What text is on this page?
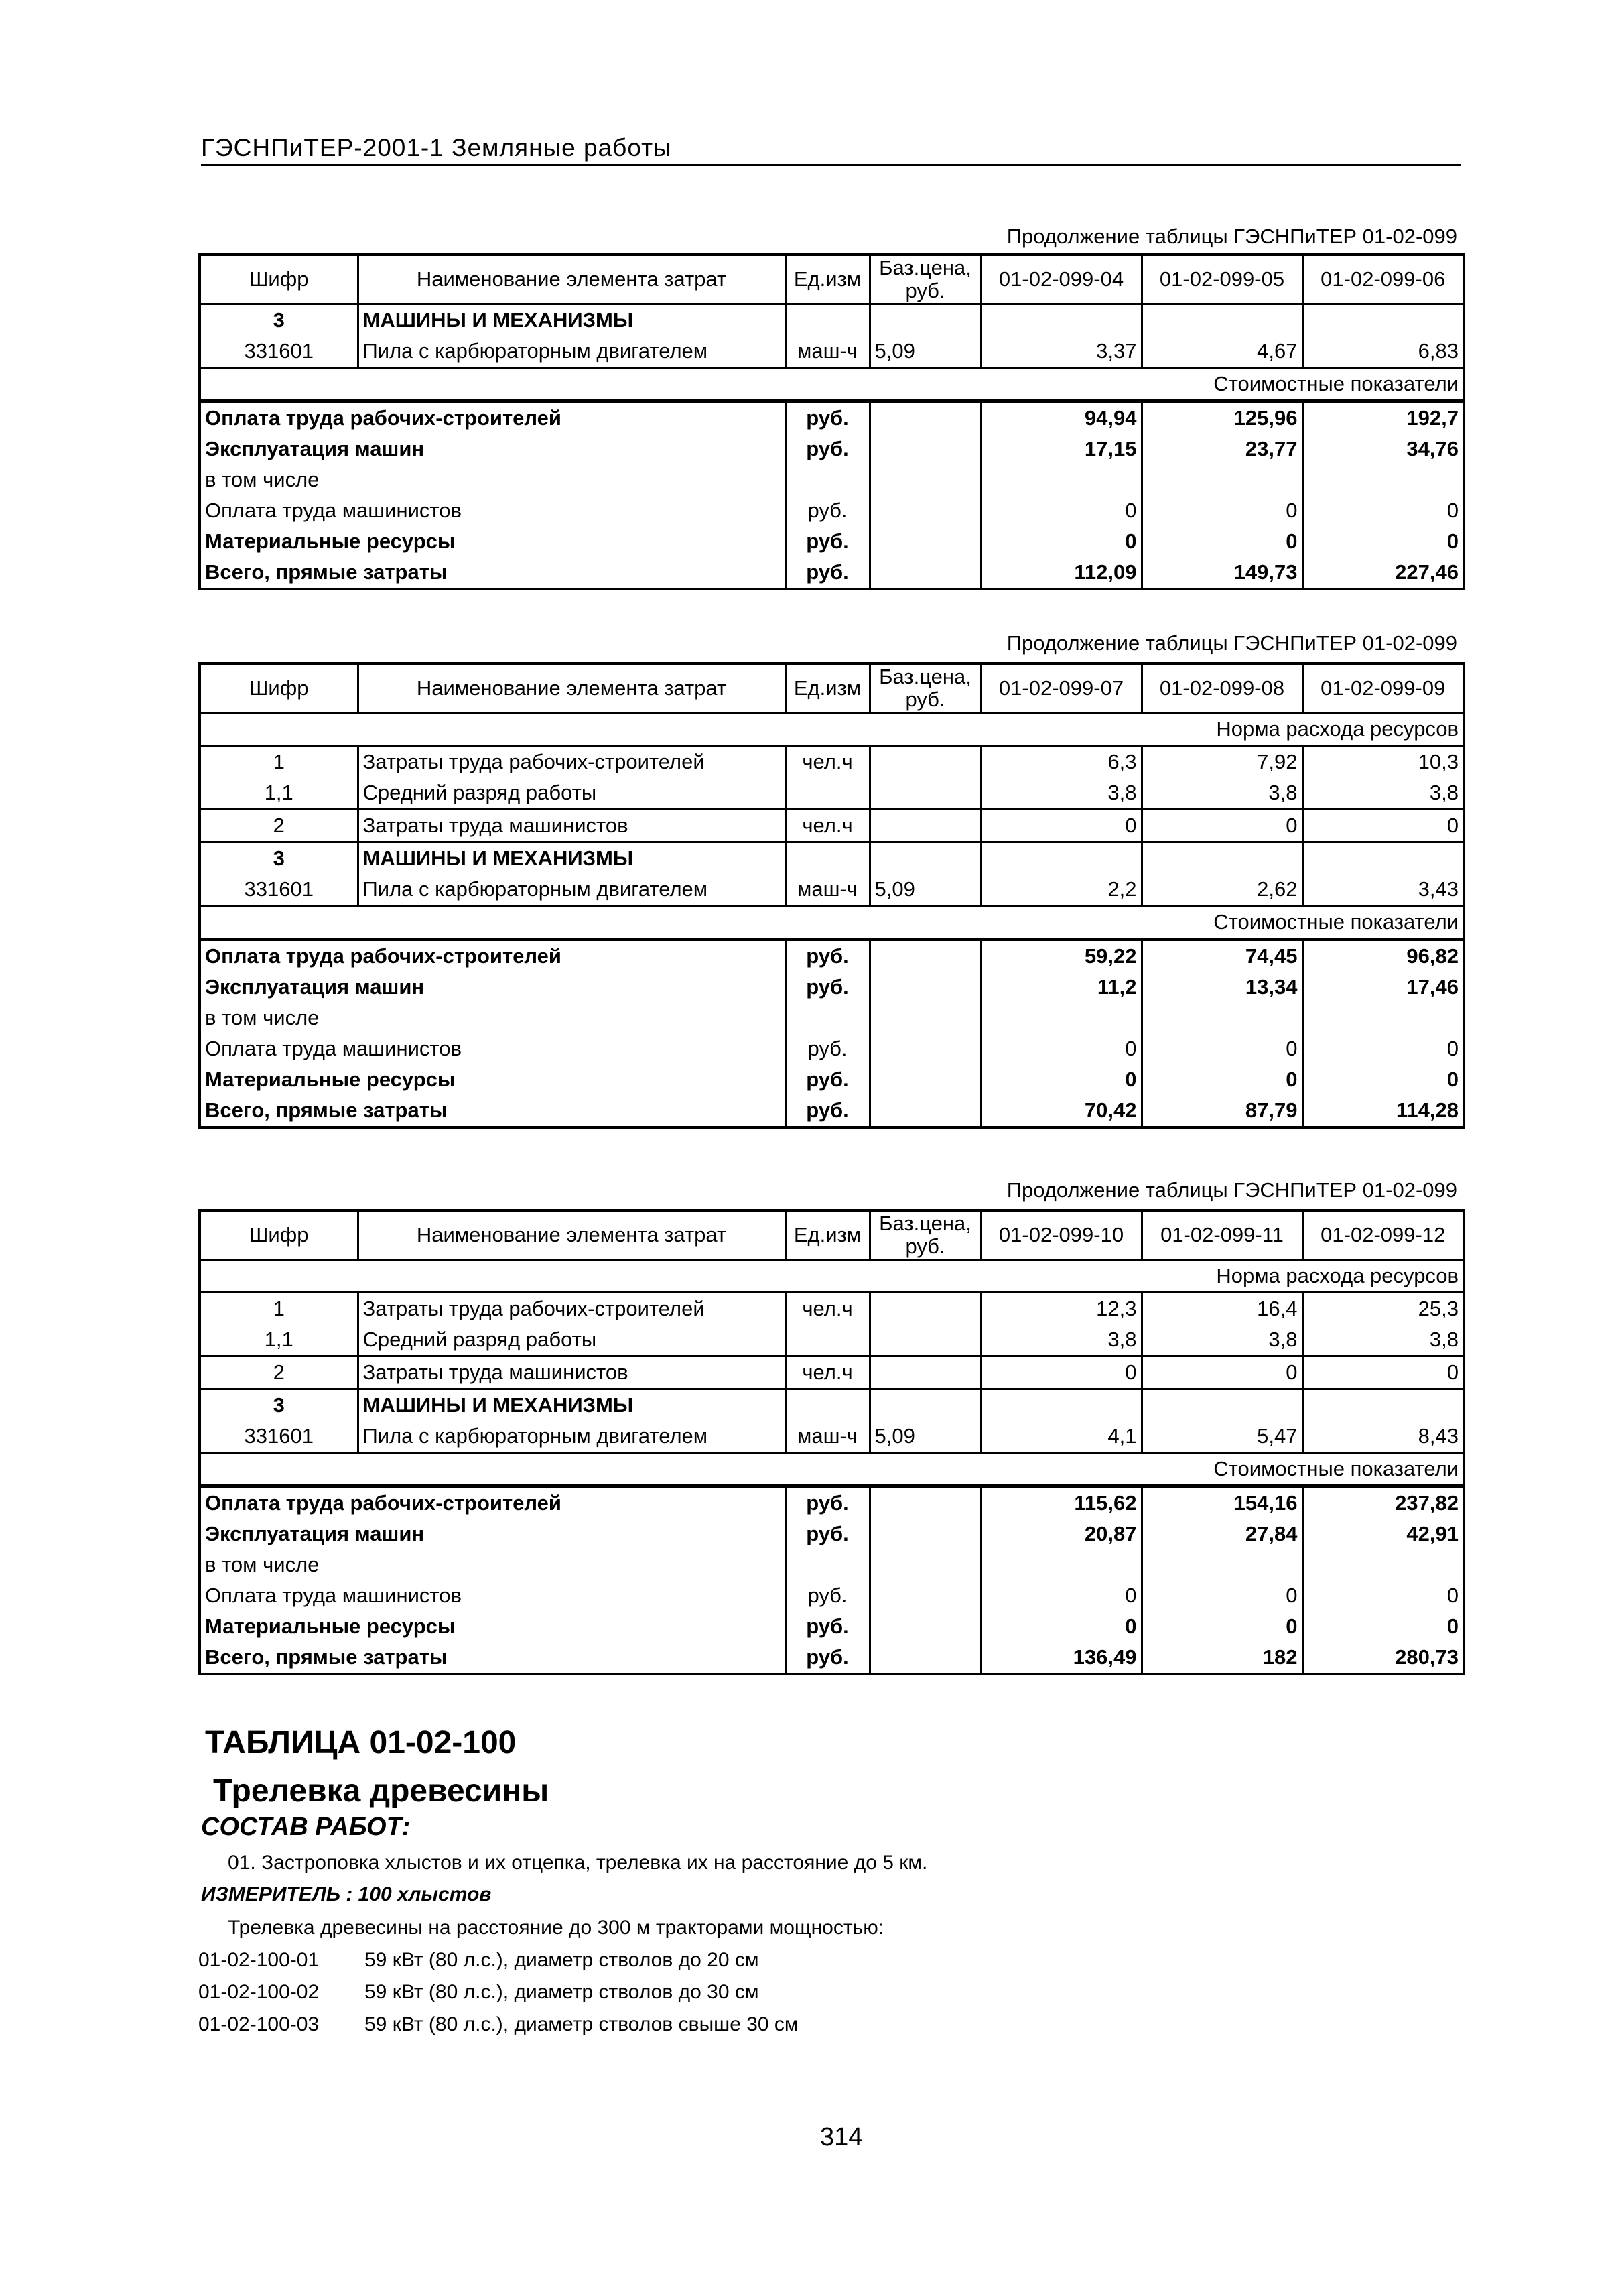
ГЭСНПиТЕР-2001-1 Земляные работы
Продолжение таблицы ГЭСНПиТЕР 01-02-099
Шифр	Наименование элемента затрат	Ед.изм	Баз.цена, руб.	01-02-099-04	01-02-099-05	01-02-099-06
3	МАШИНЫ И МЕХАНИЗМЫ					
331601	Пила с карбюраторным двигателем	маш-ч	5,09	3,37	4,67	6,83
Стоимостные показатели						
Оплата труда рабочих-строителей		руб.		94,94	125,96	192,7
Эксплуатация машин		руб.		17,15	23,77	34,76
в том числе						
Оплата труда машинистов		руб.		0	0	0
Материальные ресурсы		руб.		0	0	0
Всего, прямые затраты		руб.		112,09	149,73	227,46
Продолжение таблицы ГЭСНПиТЕР 01-02-099
Шифр	Наименование элемента затрат	Ед.изм	Баз.цена, руб.	01-02-099-07	01-02-099-08	01-02-099-09
Норма расхода ресурсов						
1	Затраты труда рабочих-строителей	чел.ч		6,3	7,92	10,3
1,1	Средний разряд работы			3,8	3,8	3,8
2	Затраты труда машинистов	чел.ч		0	0	0
3	МАШИНЫ И МЕХАНИЗМЫ					
331601	Пила с карбюраторным двигателем	маш-ч	5,09	2,2	2,62	3,43
Стоимостные показатели						
Оплата труда рабочих-строителей		руб.		59,22	74,45	96,82
Эксплуатация машин		руб.		11,2	13,34	17,46
в том числе						
Оплата труда машинистов		руб.		0	0	0
Материальные ресурсы		руб.		0	0	0
Всего, прямые затраты		руб.		70,42	87,79	114,28
Продолжение таблицы ГЭСНПиТЕР 01-02-099
Шифр	Наименование элемента затрат	Ед.изм	Баз.цена, руб.	01-02-099-10	01-02-099-11	01-02-099-12
Норма расхода ресурсов						
1	Затраты труда рабочих-строителей	чел.ч		12,3	16,4	25,3
1,1	Средний разряд работы			3,8	3,8	3,8
2	Затраты труда машинистов	чел.ч		0	0	0
3	МАШИНЫ И МЕХАНИЗМЫ					
331601	Пила с карбюраторным двигателем	маш-ч	5,09	4,1	5,47	8,43
Стоимостные показатели						
Оплата труда рабочих-строителей		руб.		115,62	154,16	237,82
Эксплуатация машин		руб.		20,87	27,84	42,91
в том числе						
Оплата труда машинистов		руб.		0	0	0
Материальные ресурсы		руб.		0	0	0
Всего, прямые затраты		руб.		136,49	182	280,73
ТАБЛИЦА 01-02-100
Трелевка древесины
СОСТАВ РАБОТ:
01. Застроповка хлыстов и их отцепка, трелевка их на расстояние до 5 км.
ИЗМЕРИТЕЛЬ : 100 хлыстов
Трелевка древесины на расстояние до 300 м тракторами мощностью:
01-02-100-01 59 кВт (80 л.с.), диаметр стволов до 20 см
01-02-100-02 59 кВт (80 л.с.), диаметр стволов до 30 см
01-02-100-03 59 кВт (80 л.с.), диаметр стволов свыше 30 см
314
